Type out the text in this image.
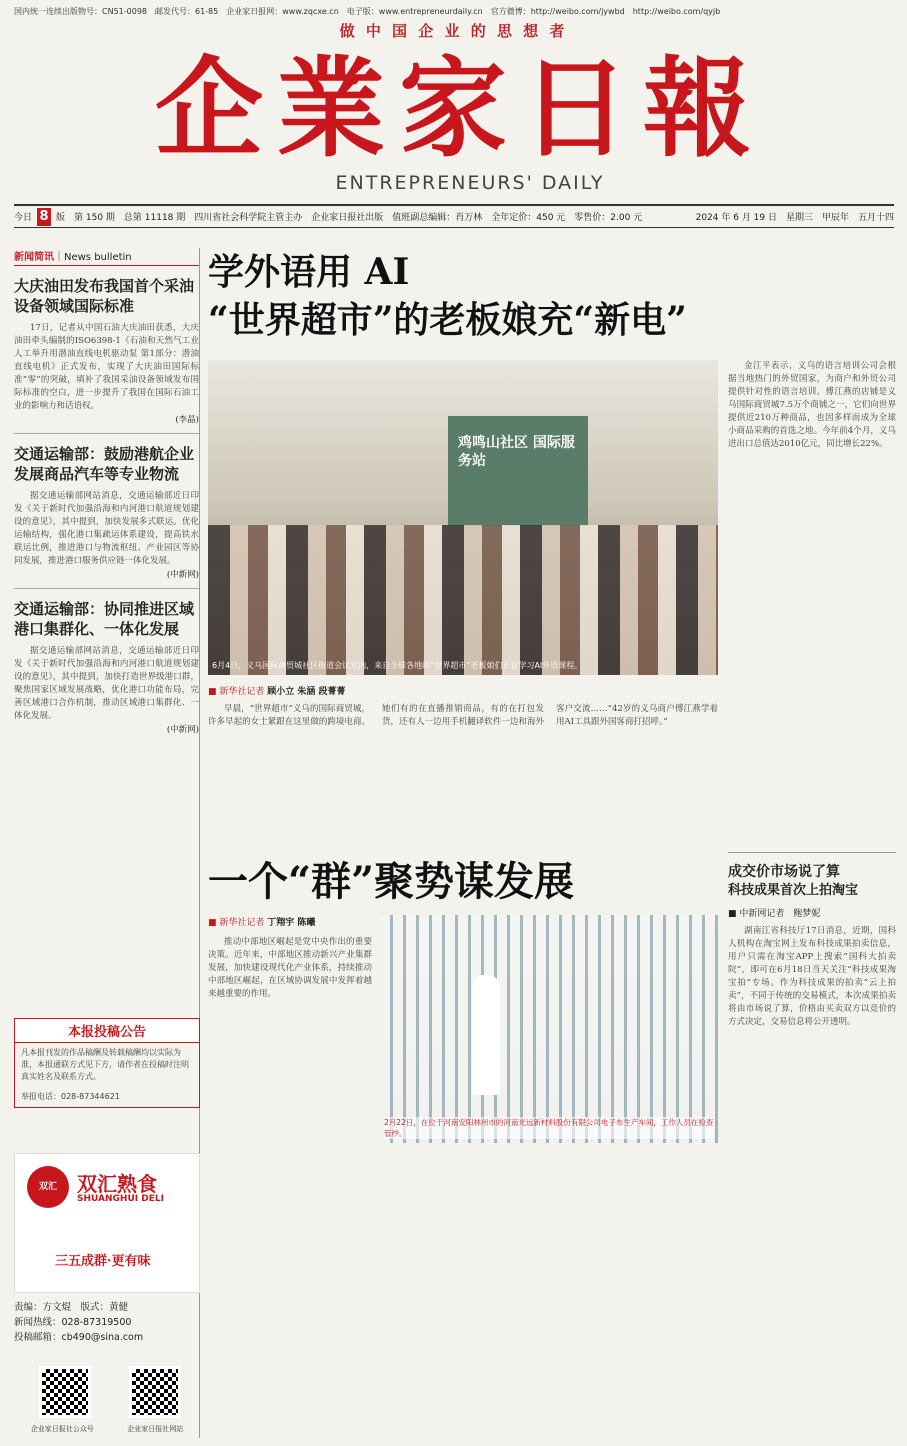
国内统一连续出版物号：CN51-0098　邮发代号：61-85　企业家日报网：www.zqcxe.cn　电子版：www.entrepreneurdaily.cn　官方微博：http://weibo.com/jywbd　http://weibo.com/qyjb
做 中 国 企 业 的 思 想 者
企業家日報
ENTREPRENEURS' DAILY
今日 8 版　第 150 期　总第 11118 期　四川省社会科学院主管主办　企业家日报社出版　值班副总编辑：肖万林　全年定价：450 元　零售价：2.00 元	2024 年 6 月 19 日　星期三　甲辰年　五月十四
新闻简讯｜News bulletin
大庆油田发布我国首个采油设备领域国际标准
17日，记者从中国石油大庆油田获悉，大庆油田牵头编制的ISO6398-1《石油和天然气工业 人工举升用潜油直线电机驱动泵 第1部分：潜油直线电机》正式发布，实现了大庆油田国际标准“零”的突破，填补了我国采油设备领域发布国际标准的空白，进一步提升了我国在国际石油工业的影响力和话语权。
(李晶)
交通运输部：鼓励港航企业发展商品汽车等专业物流
据交通运输部网站消息，交通运输部近日印发《关于新时代加强沿海和内河港口航道规划建设的意见》，其中提到，加快发展多式联运。优化运输结构，强化港口集疏运体系建设，提高铁水联运比例，推进港口与物流枢纽、产业园区等协同发展，推进港口服务供应链一体化发展。
(中新网)
交通运输部：协同推进区域港口集群化、一体化发展
据交通运输部网站消息，交通运输部近日印发《关于新时代加强沿海和内河港口航道规划建设的意见》，其中提到，加快打造世界级港口群，聚焦国家区域发展战略，优化港口功能布局，完善区域港口合作机制，推动区域港口集群化、一体化发展。
(中新网)
本报投稿公告
凡本报刊发的作品稿酬及转载稿酬均以实际为准，本报通联方式见下方，请作者在投稿时注明真实姓名及联系方式。
举报电话：028-87344621
双汇	双汇熟食
SHUANGHUI DELI
三五成群·更有味
责编：方文焜　版式：黄健
新闻热线：028-87319500
投稿邮箱：cb490@sina.com
企业家日报社公众号	企业家日报社网站
学外语用 AI
“世界超市”的老板娘充“新电”
鸡鸣山社区 国际服务站
6月4日，义乌国际商贸城社区街道会议室内，来自全球各地的“世界超市”老板娘们正在学习AI外语课程。
■ 新华社记者 顾小立 朱涵 段菁菁
早晨，“世界超市”义乌的国际商贸城，许多早起的女士紧跟在这里做的跨境电商。她们有的在直播推销商品，有的在打包发货，还有人一边用手机翻译软件一边和海外客户交流……“42岁的义乌商户傅江燕学着用AI工具跟外国客商打招呼。”
金江平表示，义乌的语言培训公司会根据当地热门的外贸国家，为商户和外贸公司提供针对性的语言培训。傅江燕的店铺是义乌国际商贸城7.5万个商铺之一，它们向世界提供近210万种商品，也因多样而成为全球小商品采购的首选之地。今年前4个月，义乌进出口总值达2010亿元，同比增长22%。
成交价市场说了算
科技成果首次上拍淘宝
■ 中新网记者　鲍梦妮
湖南江省科技厅17日消息，近期，国科人机构在淘宝网上发布科技成果拍卖信息，用户只需在淘宝APP上搜索“国科大拍卖院”，即可在6月18日当天关注“科技成果淘宝拍”专场。作为科技成果的拍卖“云上拍卖”，不同于传统的交易模式，本次成果拍卖将由市场说了算，价格由买卖双方以竞价的方式决定，交易信息将公开透明。
一个“群”聚势谋发展
■ 新华社记者 丁翔宇 陈曦
推动中部地区崛起是党中央作出的重要决策。近年来，中部地区推动新兴产业集群发展，加快建设现代化产业体系，持续推动中部地区崛起，在区域协调发展中发挥着越来越重要的作用。
2月22日，在位于河南安阳林州市的河南光远新材料股份有限公司电子布生产车间，工作人员在检查管纱。
